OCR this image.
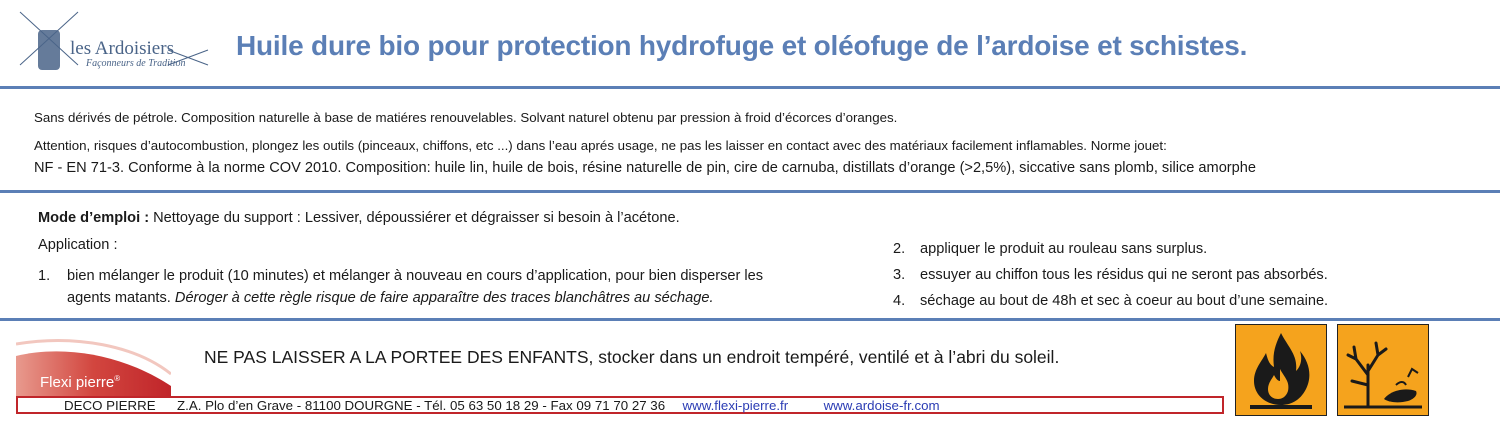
les Ardoisiers
Façonneurs de Tradition
Huile dure bio pour protection hydrofuge et oléofuge de l’ardoise et schistes.
Sans dérivés de pétrole. Composition naturelle à base de matiéres renouvelables. Solvant naturel obtenu par pression à froid d’écorces d’oranges.
Attention, risques d’autocombustion, plongez les outils (pinceaux, chiffons, etc ...) dans l’eau aprés usage, ne pas les laisser en contact avec des matériaux facilement inflamables. Norme jouet:
NF - EN 71-3. Conforme à la norme COV 2010. Composition: huile lin, huile de bois, résine naturelle de pin, cire de carnuba, distillats d’orange (>2,5%), siccative sans plomb, silice amorphe
Mode d’emploi : Nettoyage du support : Lessiver, dépoussiérer et dégraisser si besoin à l’acétone.
Application :
1. bien mélanger le produit (10 minutes) et mélanger à nouveau en cours d’application, pour bien disperser les
agents matants. Déroger à cette règle risque de faire apparaître des traces blanchâtres au séchage.
2. appliquer le produit au rouleau sans surplus.
3. essuyer au chiffon tous les résidus qui ne seront pas absorbés.
4. séchage au bout de 48h et sec à coeur au bout d’une semaine.
Flexi pierre®
NE PAS LAISSER A LA PORTEE DES ENFANTS, stocker dans un endroit tempéré, ventilé et à l’abri du soleil.
DECO PIERRE Z.A. Plo d’en Grave - 81100 DOURGNE - Tél. 05 63 50 18 29 - Fax 09 71 70 27 36 www.flexi-pierre.fr	www.ardoise-fr.com
